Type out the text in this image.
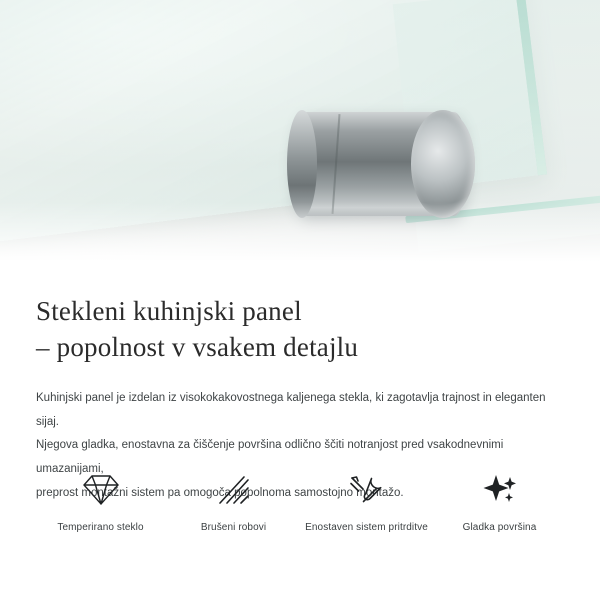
Stekleni kuhinjski panel
– popolnost v vsakem detajlu

Kuhinjski panel je izdelan iz visokokakovostnega kaljenega stekla, ki zagotavlja trajnost in eleganten sijaj.

Njegova gladka, enostavna za čiščenje površina odlično ščiti notranjost pred vsakodnevnimi umazanijami,

preprost montažni sistem pa omogoča popolnoma samostojno montažo.

Temperirano steklo	Brušeni robovi	Enostaven sistem pritrditve	Gladka površina
